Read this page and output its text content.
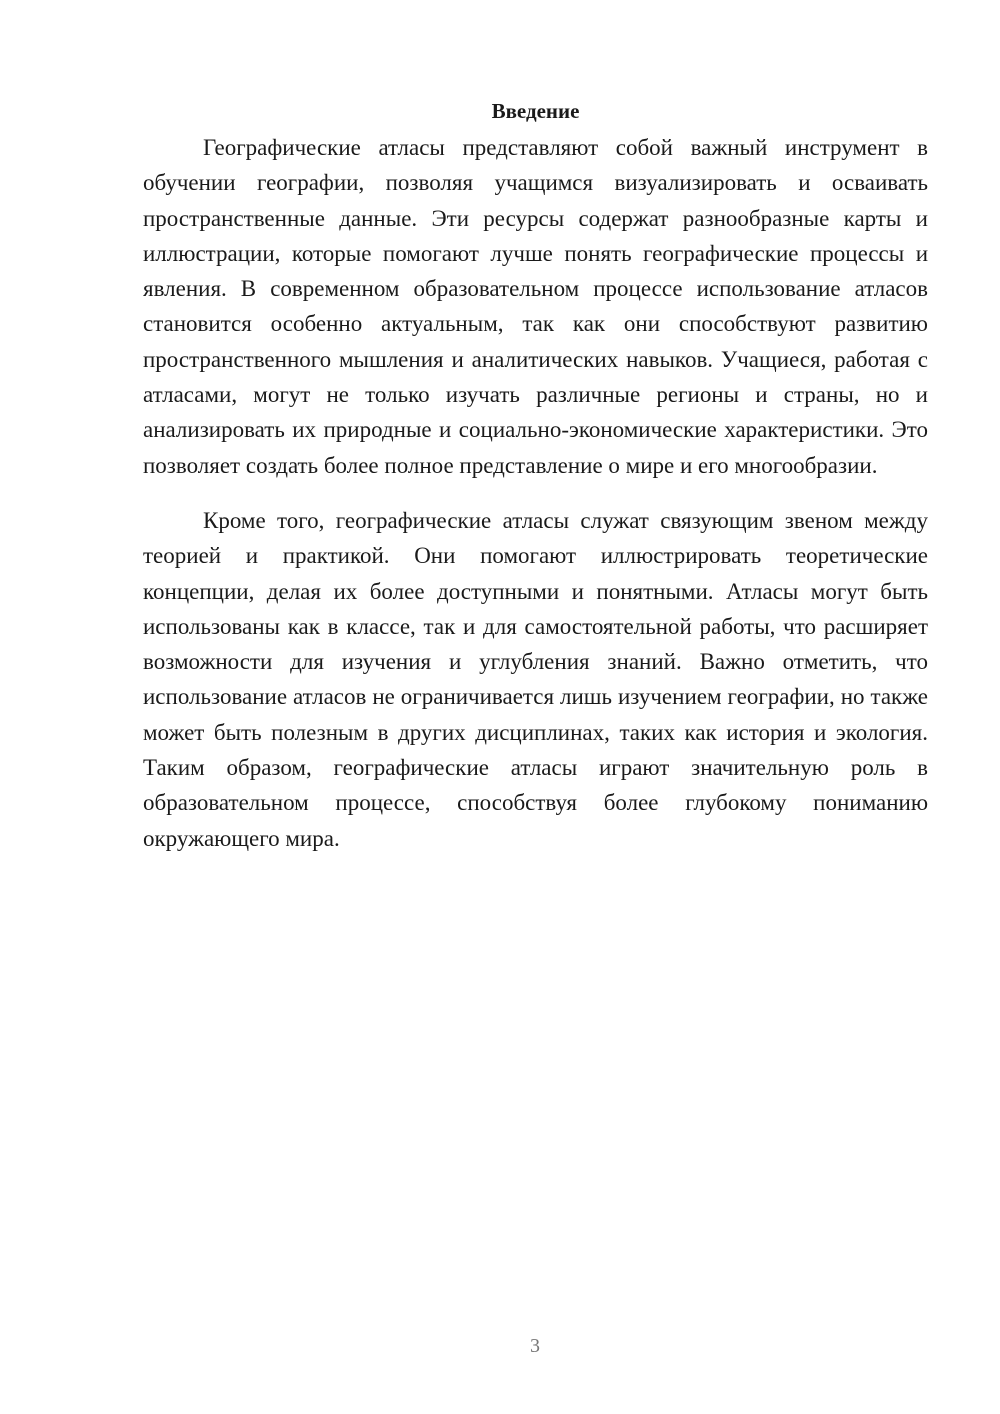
Введение

Географические атласы представляют собой важный инструмент в обучении географии, позволяя учащимся визуализировать и осваивать пространственные данные. Эти ресурсы содержат разнообразные карты и иллюстрации, которые помогают лучше понять географические процессы и явления. В современном образовательном процессе использование атласов становится особенно актуальным, так как они способствуют развитию пространственного мышления и аналитических навыков. Учащиеся, работая с атласами, могут не только изучать различные регионы и страны, но и анализировать их природные и социально-экономические характеристики. Это позволяет создать более полное представление о мире и его многообразии.

Кроме того, географические атласы служат связующим звеном между теорией и практикой. Они помогают иллюстрировать теоретические концепции, делая их более доступными и понятными. Атласы могут быть использованы как в классе, так и для самостоятельной работы, что расширяет возможности для изучения и углубления знаний. Важно отметить, что использование атласов не ограничивается лишь изучением географии, но также может быть полезным в других дисциплинах, таких как история и экология. Таким образом, географические атласы играют значительную роль в образовательном процессе, способствуя более глубокому пониманию окружающего мира.

3
